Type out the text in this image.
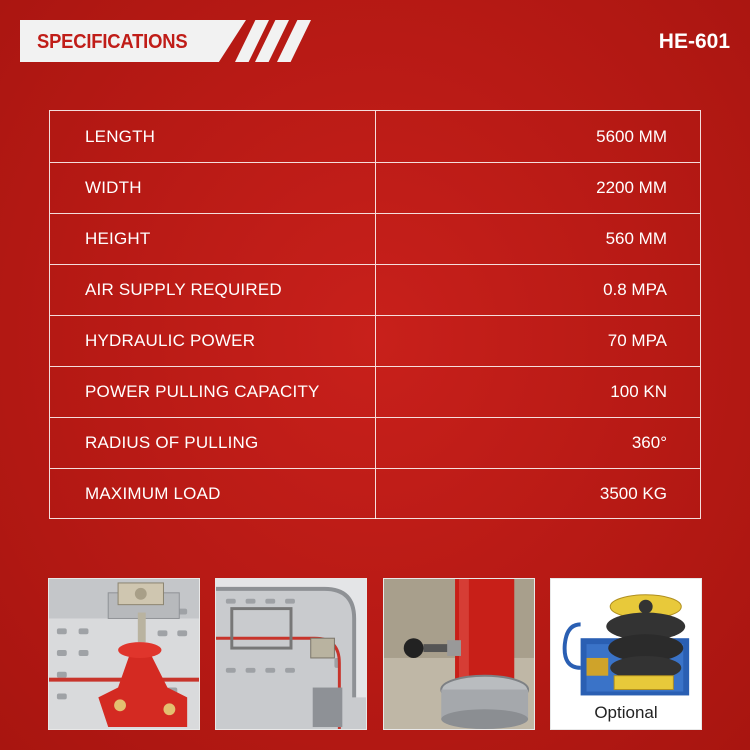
SPECIFICATIONS	HE-601
LENGTH	5600 MM
WIDTH	2200 MM
HEIGHT	560 MM
AIR SUPPLY REQUIRED	0.8 MPA
HYDRAULIC POWER	70 MPA
POWER PULLING CAPACITY	100 KN
RADIUS OF PULLING	360°
MAXIMUM LOAD	3500 KG
Optional
